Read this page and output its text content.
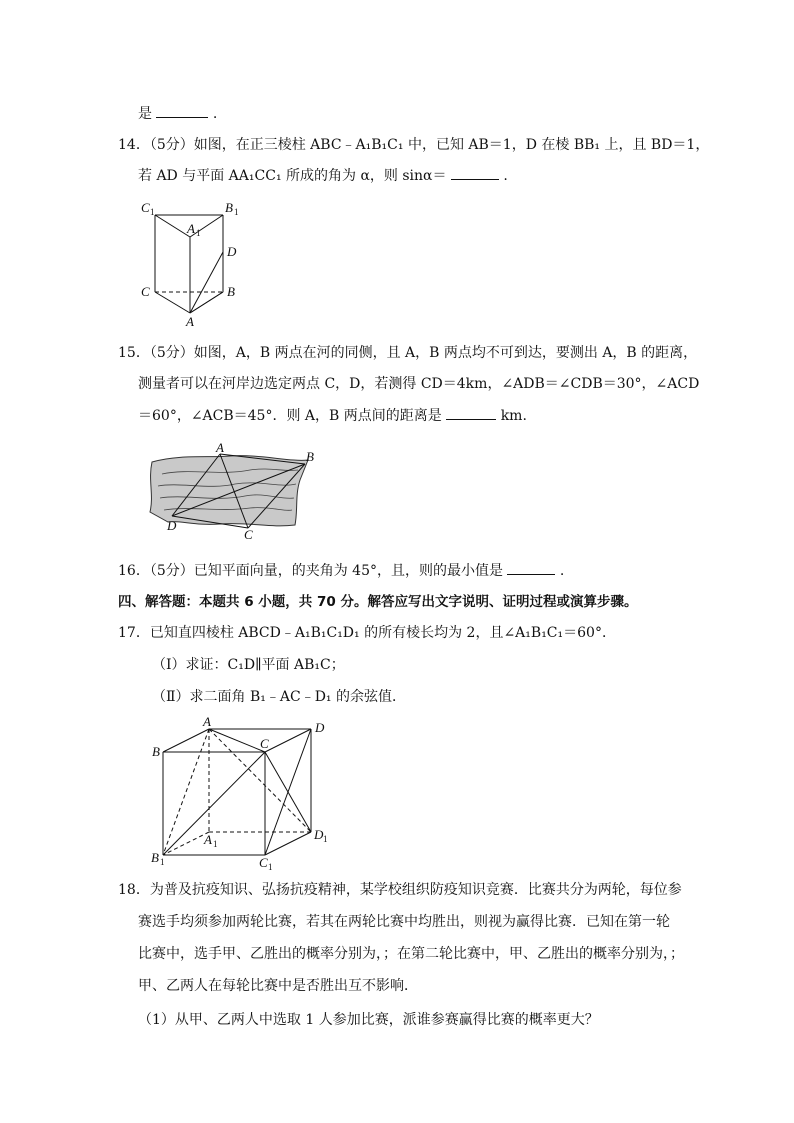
是	.
14．（5分）如图，在正三棱柱 ABC﹣A₁B₁C₁ 中，已知 AB＝1，D 在棱 BB₁ 上，且 BD＝1，
若 AD 与平面 AA₁CC₁ 所成的角为 α，则 sinα＝	.
C 1	B 1
A 1
D
C	B
A
15．（5分）如图，A，B 两点在河的同侧，且 A，B 两点均不可到达，要测出 A，B 的距离，
测量者可以在河岸边选定两点 C，D，若测得 CD＝4km，∠ADB＝∠CDB＝30°，∠ACD
＝60°，∠ACB＝45°．则 A，B 两点间的距离是	km.
A
B
D
C
16．（5分）已知平面向量，的夹角为 45°，且，则的最小值是	.
四、解答题：本题共 6 小题，共 70 分。解答应写出文字说明、证明过程或演算步骤。
17．已知直四棱柱 ABCD﹣A₁B₁C₁D₁ 的所有棱长均为 2，且∠A₁B₁C₁＝60°．
（Ⅰ）求证：C₁D∥平面 AB₁C；
（Ⅱ）求二面角 B₁﹣AC﹣D₁ 的余弦值．
A
B
C
D
A 1
B 1	C 1
D 1
18．为普及抗疫知识、弘扬抗疫精神，某学校组织防疫知识竞赛．比赛共分为两轮，每位参
赛选手均须参加两轮比赛，若其在两轮比赛中均胜出，则视为赢得比赛．已知在第一轮
比赛中，选手甲、乙胜出的概率分别为，；在第二轮比赛中，甲、乙胜出的概率分别为，；
甲、乙两人在每轮比赛中是否胜出互不影响．
（1）从甲、乙两人中选取 1 人参加比赛，派谁参赛赢得比赛的概率更大？
